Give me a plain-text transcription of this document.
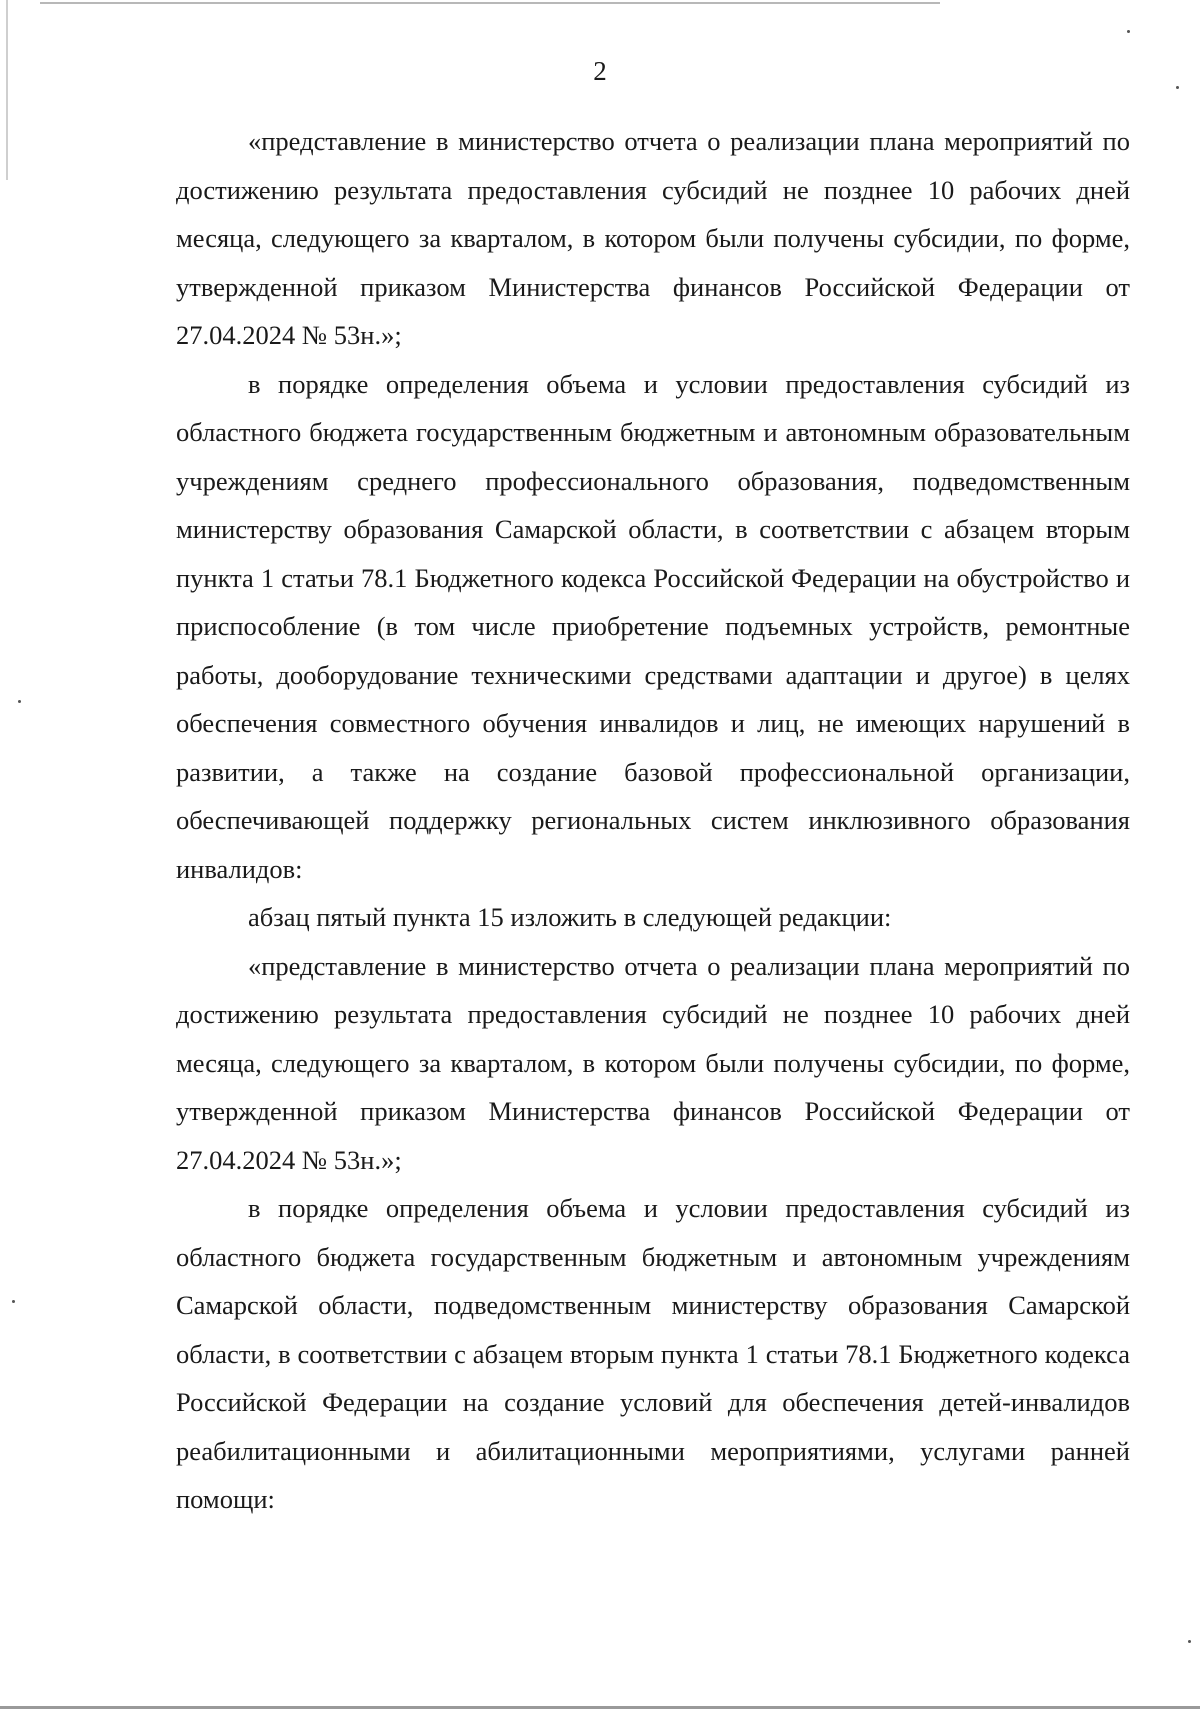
2

«представление в министерство отчета о реализации плана мероприятий по достижению результата предоставления субсидий не позднее 10 рабочих дней месяца, следующего за кварталом, в котором были получены субсидии, по форме, утвержденной приказом Министерства финансов Российской Федерации от 27.04.2024 № 53н.»;

в порядке определения объема и условии предоставления субсидий из областного бюджета государственным бюджетным и автономным образовательным учреждениям среднего профессионального образования, подведомственным министерству образования Самарской области, в соответствии с абзацем вторым пункта 1 статьи 78.1 Бюджетного кодекса Российской Федерации на обустройство и приспособление (в том числе приобретение подъемных устройств, ремонтные работы, дооборудование техническими средствами адаптации и другое) в целях обеспечения совместного обучения инвалидов и лиц, не имеющих нарушений в развитии, а также на создание базовой профессиональной организации, обеспечивающей поддержку региональных систем инклюзивного образования инвалидов:

абзац пятый пункта 15 изложить в следующей редакции:

«представление в министерство отчета о реализации плана мероприятий по достижению результата предоставления субсидий не позднее 10 рабочих дней месяца, следующего за кварталом, в котором были получены субсидии, по форме, утвержденной приказом Министерства финансов Российской Федерации от 27.04.2024 № 53н.»;

в порядке определения объема и условии предоставления субсидий из областного бюджета государственным бюджетным и автономным учреждениям Самарской области, подведомственным министерству образования Самарской области, в соответствии с абзацем вторым пункта 1 статьи 78.1 Бюджетного кодекса Российской Федерации на создание условий для обеспечения детей-инвалидов реабилитационными и абилитационными мероприятиями, услугами ранней помощи:
